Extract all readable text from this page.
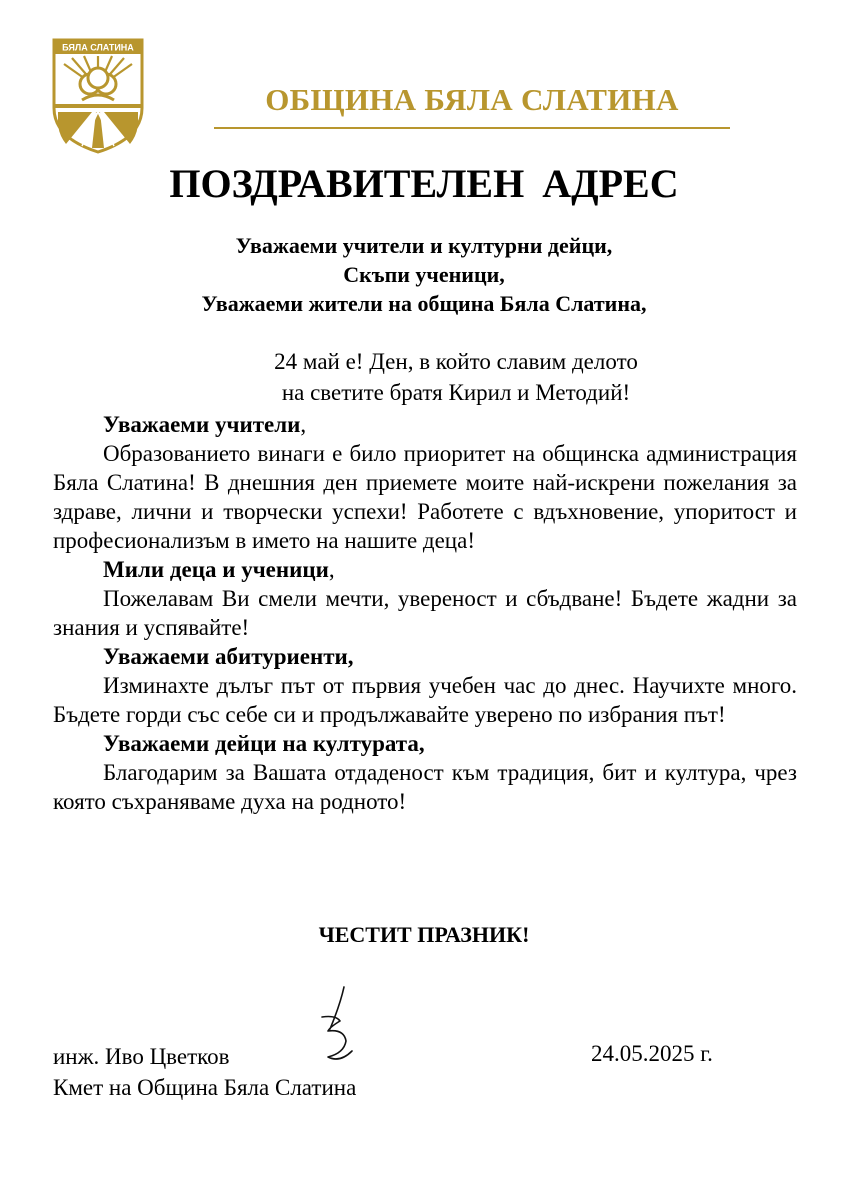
БЯЛА СЛАТИНА
ОБЩИНА БЯЛА СЛАТИНА
ПОЗДРАВИТЕЛЕН АДРЕС
Уважаеми учители и културни дейци,
Скъпи ученици,
Уважаеми жители на община Бяла Слатина,
24 май е! Ден, в който славим делото
на светите братя Кирил и Методий!
Уважаеми учители,

Образованието винаги е било приоритет на общинска администрация Бяла Слатина! В днешния ден приемете моите най-искрени пожелания за здраве, лични и творчески успехи! Работете с вдъхновение, упоритост и професионализъм в името на нашите деца!

Мили деца и ученици,

Пожелавам Ви смели мечти, увереност и сбъдване! Бъдете жадни за знания и успявайте!

Уважаеми абитуриенти,

Изминахте дълъг път от първия учебен час до днес. Научихте много. Бъдете горди със себе си и продължавайте уверено по избрания път!

Уважаеми дейци на културата,

Благодарим за Вашата отдаденост към традиция, бит и култура, чрез която съхраняваме духа на родното!

ЧЕСТИТ ПРАЗНИК!
инж. Иво Цветков
Кмет на Община Бяла Слатина
24.05.2025 г.
